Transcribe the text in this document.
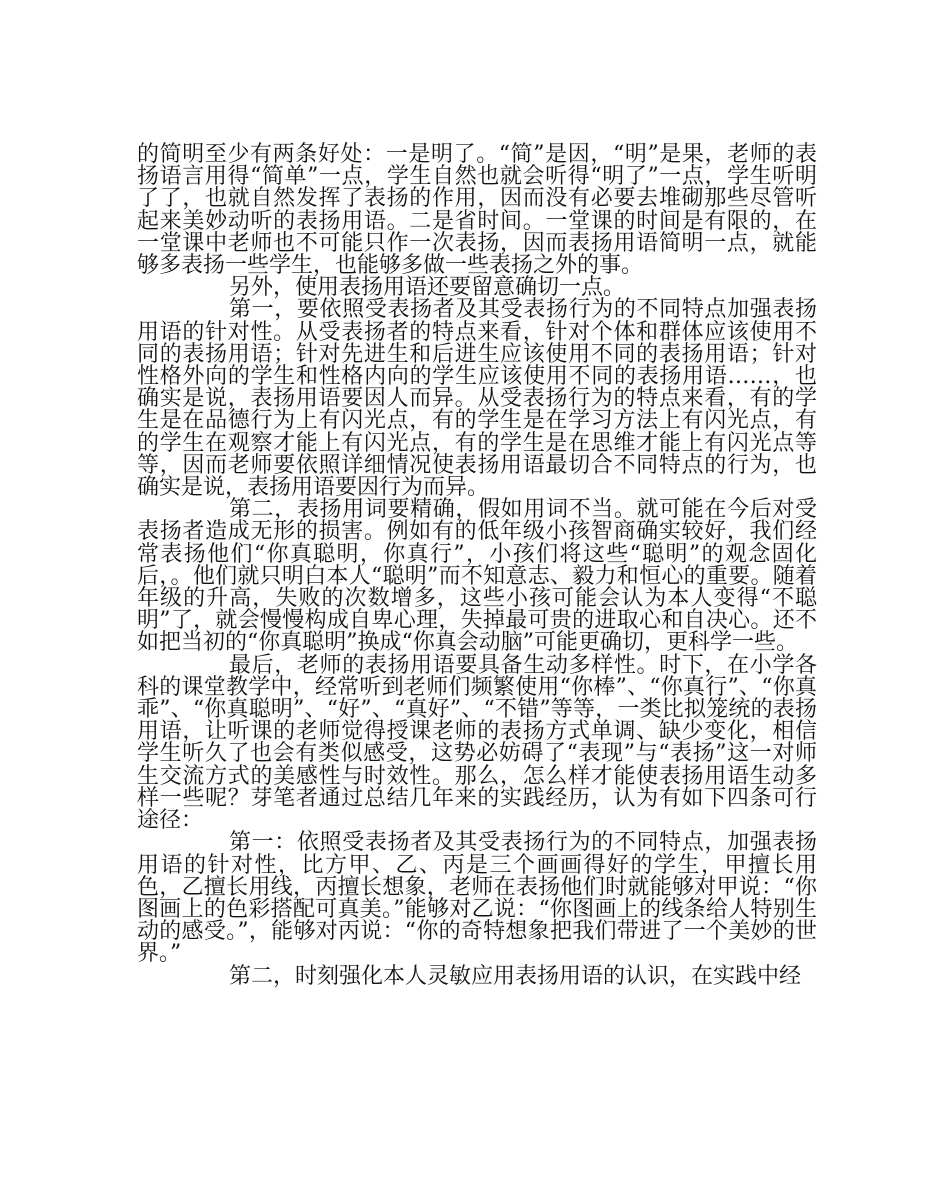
的简明至少有两条好处：一是明了。“简”是因，“明”是果，老师的表扬语言用得“简单”一点，学生自然也就会听得“明了”一点，学生听明了了，也就自然发挥了表扬的作用，因而没有必要去堆砌那些尽管听起来美妙动听的表扬用语。二是省时间。一堂课的时间是有限的，在一堂课中老师也不可能只作一次表扬，因而表扬用语简明一点，就能够多表扬一些学生，也能够多做一些表扬之外的事。

另外，使用表扬用语还要留意确切一点。

第一，要依照受表扬者及其受表扬行为的不同特点加强表扬用语的针对性。从受表扬者的特点来看，针对个体和群体应该使用不同的表扬用语；针对先进生和后进生应该使用不同的表扬用语；针对性格外向的学生和性格内向的学生应该使用不同的表扬用语……，也确实是说，表扬用语要因人而异。从受表扬行为的特点来看，有的学生是在品德行为上有闪光点，有的学生是在学习方法上有闪光点，有的学生在观察才能上有闪光点，有的学生是在思维才能上有闪光点等等，因而老师要依照详细情况使表扬用语最切合不同特点的行为，也确实是说，表扬用语要因行为而异。

第二，表扬用词要精确，假如用词不当。就可能在今后对受表扬者造成无形的损害。例如有的低年级小孩智商确实较好，我们经常表扬他们“你真聪明，你真行”，小孩们将这些“聪明”的观念固化后，。他们就只明白本人“聪明”而不知意志、毅力和恒心的重要。随着年级的升高，失败的次数增多，这些小孩可能会认为本人变得“不聪明”了，就会慢慢构成自卑心理，失掉最可贵的进取心和自决心。还不如把当初的“你真聪明”换成“你真会动脑”可能更确切，更科学一些。

最后，老师的表扬用语要具备生动多样性。时下，在小学各科的课堂教学中，经常听到老师们频繁使用“你棒”、“你真行”、“你真乖”、“你真聪明”、“好”、“真好”、“不错”等等，一类比拟笼统的表扬用语，让听课的老师觉得授课老师的表扬方式单调、缺少变化，相信学生听久了也会有类似感受，这势必妨碍了“表现”与“表扬”这一对师生交流方式的美感性与时效性。那么，怎么样才能使表扬用语生动多样一些呢？芽笔者通过总结几年来的实践经历，认为有如下四条可行途径：

第一：依照受表扬者及其受表扬行为的不同特点，加强表扬用语的针对性，比方甲、乙、丙是三个画画得好的学生，甲擅长用色，乙擅长用线，丙擅长想象，老师在表扬他们时就能够对甲说：“你图画上的色彩搭配可真美。”能够对乙说：“你图画上的线条给人特别生动的感受。”，能够对丙说：“你的奇特想象把我们带进了一个美妙的世界。”

第二，时刻强化本人灵敏应用表扬用语的认识，在实践中经
